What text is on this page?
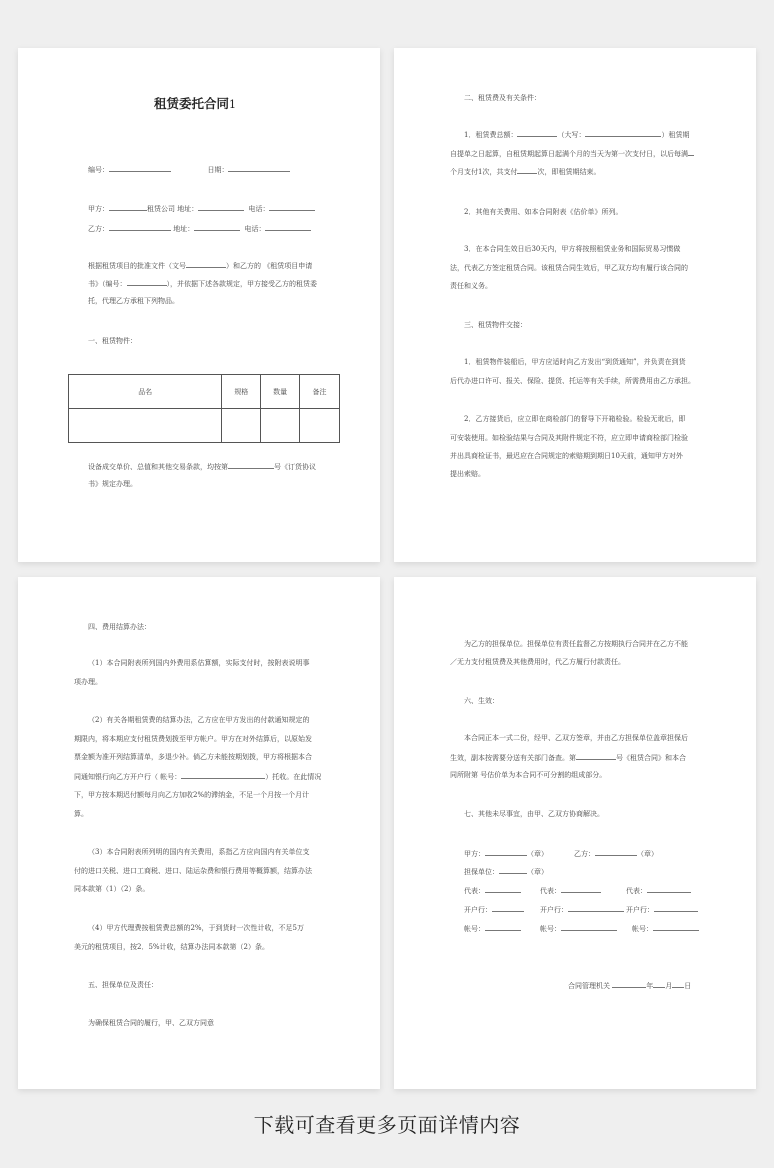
租赁委托合同1
编号：	日期：
甲方：	租赁公司 地址：	电话：
乙方：	地址：	电话：
根据租赁项目的批准文件（文号	）和乙方的 《租赁项目申请
书》（编号：	），并依据下述各款规定，甲方接受乙方的租赁委
托，代理乙方承租下列物品。
一、租赁物件：
品名	规格	数量	备注

设备成交单价、总值和其他交易条款，均按第	号《订货协议
书》规定办理。
二、租赁费及有关条件：
1．租赁费总额：	（大写：	）租赁期
自提单之日起算，自租赁期起算日起满个月的当天为第一次支付日，以后每满
个月支付1次，共支付	次，即租赁期结束。
2．其他有关费用、如本合同附表《估价单》所列。
3．在本合同生效日后30天内，甲方将按照租赁业务和国际贸易习惯做
法，代表乙方签定租赁合同。该租赁合同生效后，甲乙双方均有履行该合同的
责任和义务。
三、租赁物件交接：
1．租赁物件装船后，甲方应适时向乙方发出“到货通知”，并负责在到货
后代办进口许可、报关、保险、提货、托运等有关手续，所需费用由乙方承担。
2．乙方接货后，应立即在商检部门的督导下开箱检验。检验无讹后，即
可安装使用。如检验结果与合同及其附件规定不符，应立即申请商检部门检验
并出具商检证书，最迟应在合同规定的索赔期到期日10天前，通知甲方对外
提出索赔。
四、费用结算办法：
（1）本合同附表所列国内外费用系估算额，实际支付时，按附表说明事
项办理。
（2）有关各期租赁费的结算办法，乙方应在甲方发出的付款通知规定的
期限内，将本期应支付租赁费划拨至甲方帐户。甲方在对外结算后，以原始发
票金额为准开列结算清单，多退少补。倘乙方未能按期划拨，甲方将根据本合
同通知银行向乙方开户行（ 帐号：	）托收。在此情况
下，甲方按本期迟付额每月向乙方加收2%的滞纳金，不足一个月按一个月计
算。
（3）本合同附表所列明的国内有关费用，系指乙方应向国内有关单位支
付的进口关税、进口工商税、进口、陆运杂费和银行费用等概算额，结算办法
同本款第（1）（2）条。
（4）甲方代理费按租赁费总额的2%，于到货时一次性计收，不足5万
美元的租赁项目，按2．5%计收，结算办法同本款第（2）条。
五、担保单位及责任：
为确保租赁合同的履行，甲、乙双方同意
为乙方的担保单位。担保单位有责任监督乙方按期执行合同并在乙方不能
／无力支付租赁费及其他费用时，代乙方履行付款责任。
六、生效：
本合同正本一式二份，经甲、乙双方签章，并由乙方担保单位盖章担保后
生效，副本按需要分送有关部门备查。第	号《租赁合同》和本合
同所附第 号估价单为本合同不可分割的组成部分。
七、其他未尽事宜，由甲、乙双方协商解决。
甲方：	（章）	乙方：	（章）
担保单位：	（章）
代表：	代表：	代表：
开户行：	开户行：	开户行：
帐号：	帐号：	帐号：
合同管理机关	年 月 日
下载可查看更多页面详情内容
